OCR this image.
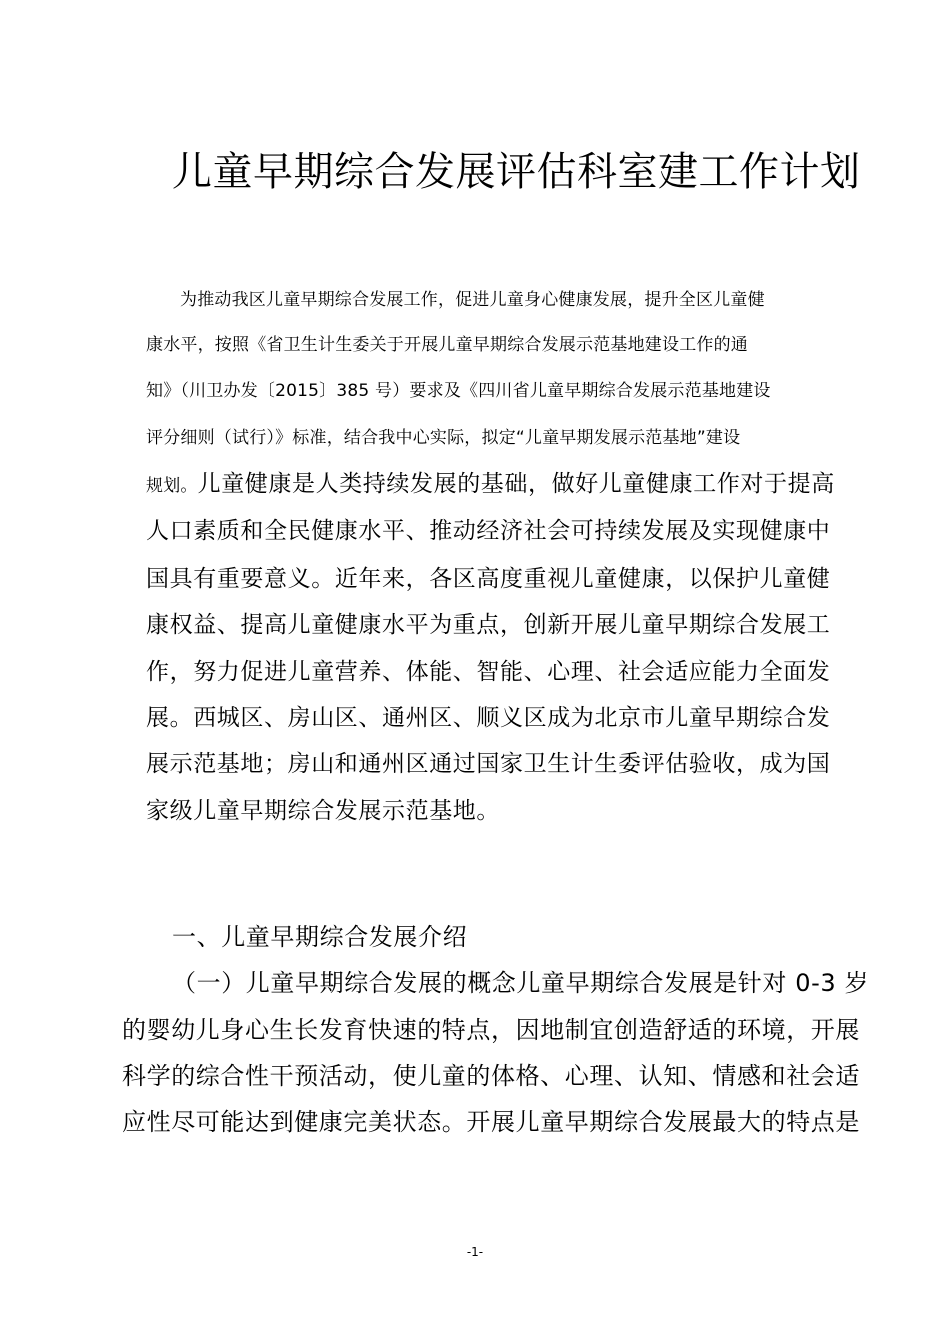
儿童早期综合发展评估科室建工作计划

为推动我区儿童早期综合发展工作，促进儿童身心健康发展，提升全区儿童健

康水平，按照《省卫生计生委关于开展儿童早期综合发展示范基地建设工作的通

知》（川卫办发〔2015〕385 号）要求及《四川省儿童早期综合发展示范基地建设

评分细则（试行）》标准，结合我中心实际，拟定“儿童早期发展示范基地”建设

规划。儿童健康是人类持续发展的基础，做好儿童健康工作对于提高

人口素质和全民健康水平、推动经济社会可持续发展及实现健康中

国具有重要意义。近年来，各区高度重视儿童健康，以保护儿童健

康权益、提高儿童健康水平为重点，创新开展儿童早期综合发展工

作，努力促进儿童营养、体能、智能、心理、社会适应能力全面发

展。西城区、房山区、通州区、顺义区成为北京市儿童早期综合发

展示范基地；房山和通州区通过国家卫生计生委评估验收，成为国

家级儿童早期综合发展示范基地。

一、儿童早期综合发展介绍

（一）儿童早期综合发展的概念儿童早期综合发展是针对 0-3 岁

的婴幼儿身心生长发育快速的特点，因地制宜创造舒适的环境，开展

科学的综合性干预活动，使儿童的体格、心理、认知、情感和社会适

应性尽可能达到健康完美状态。开展儿童早期综合发展最大的特点是

-1-
